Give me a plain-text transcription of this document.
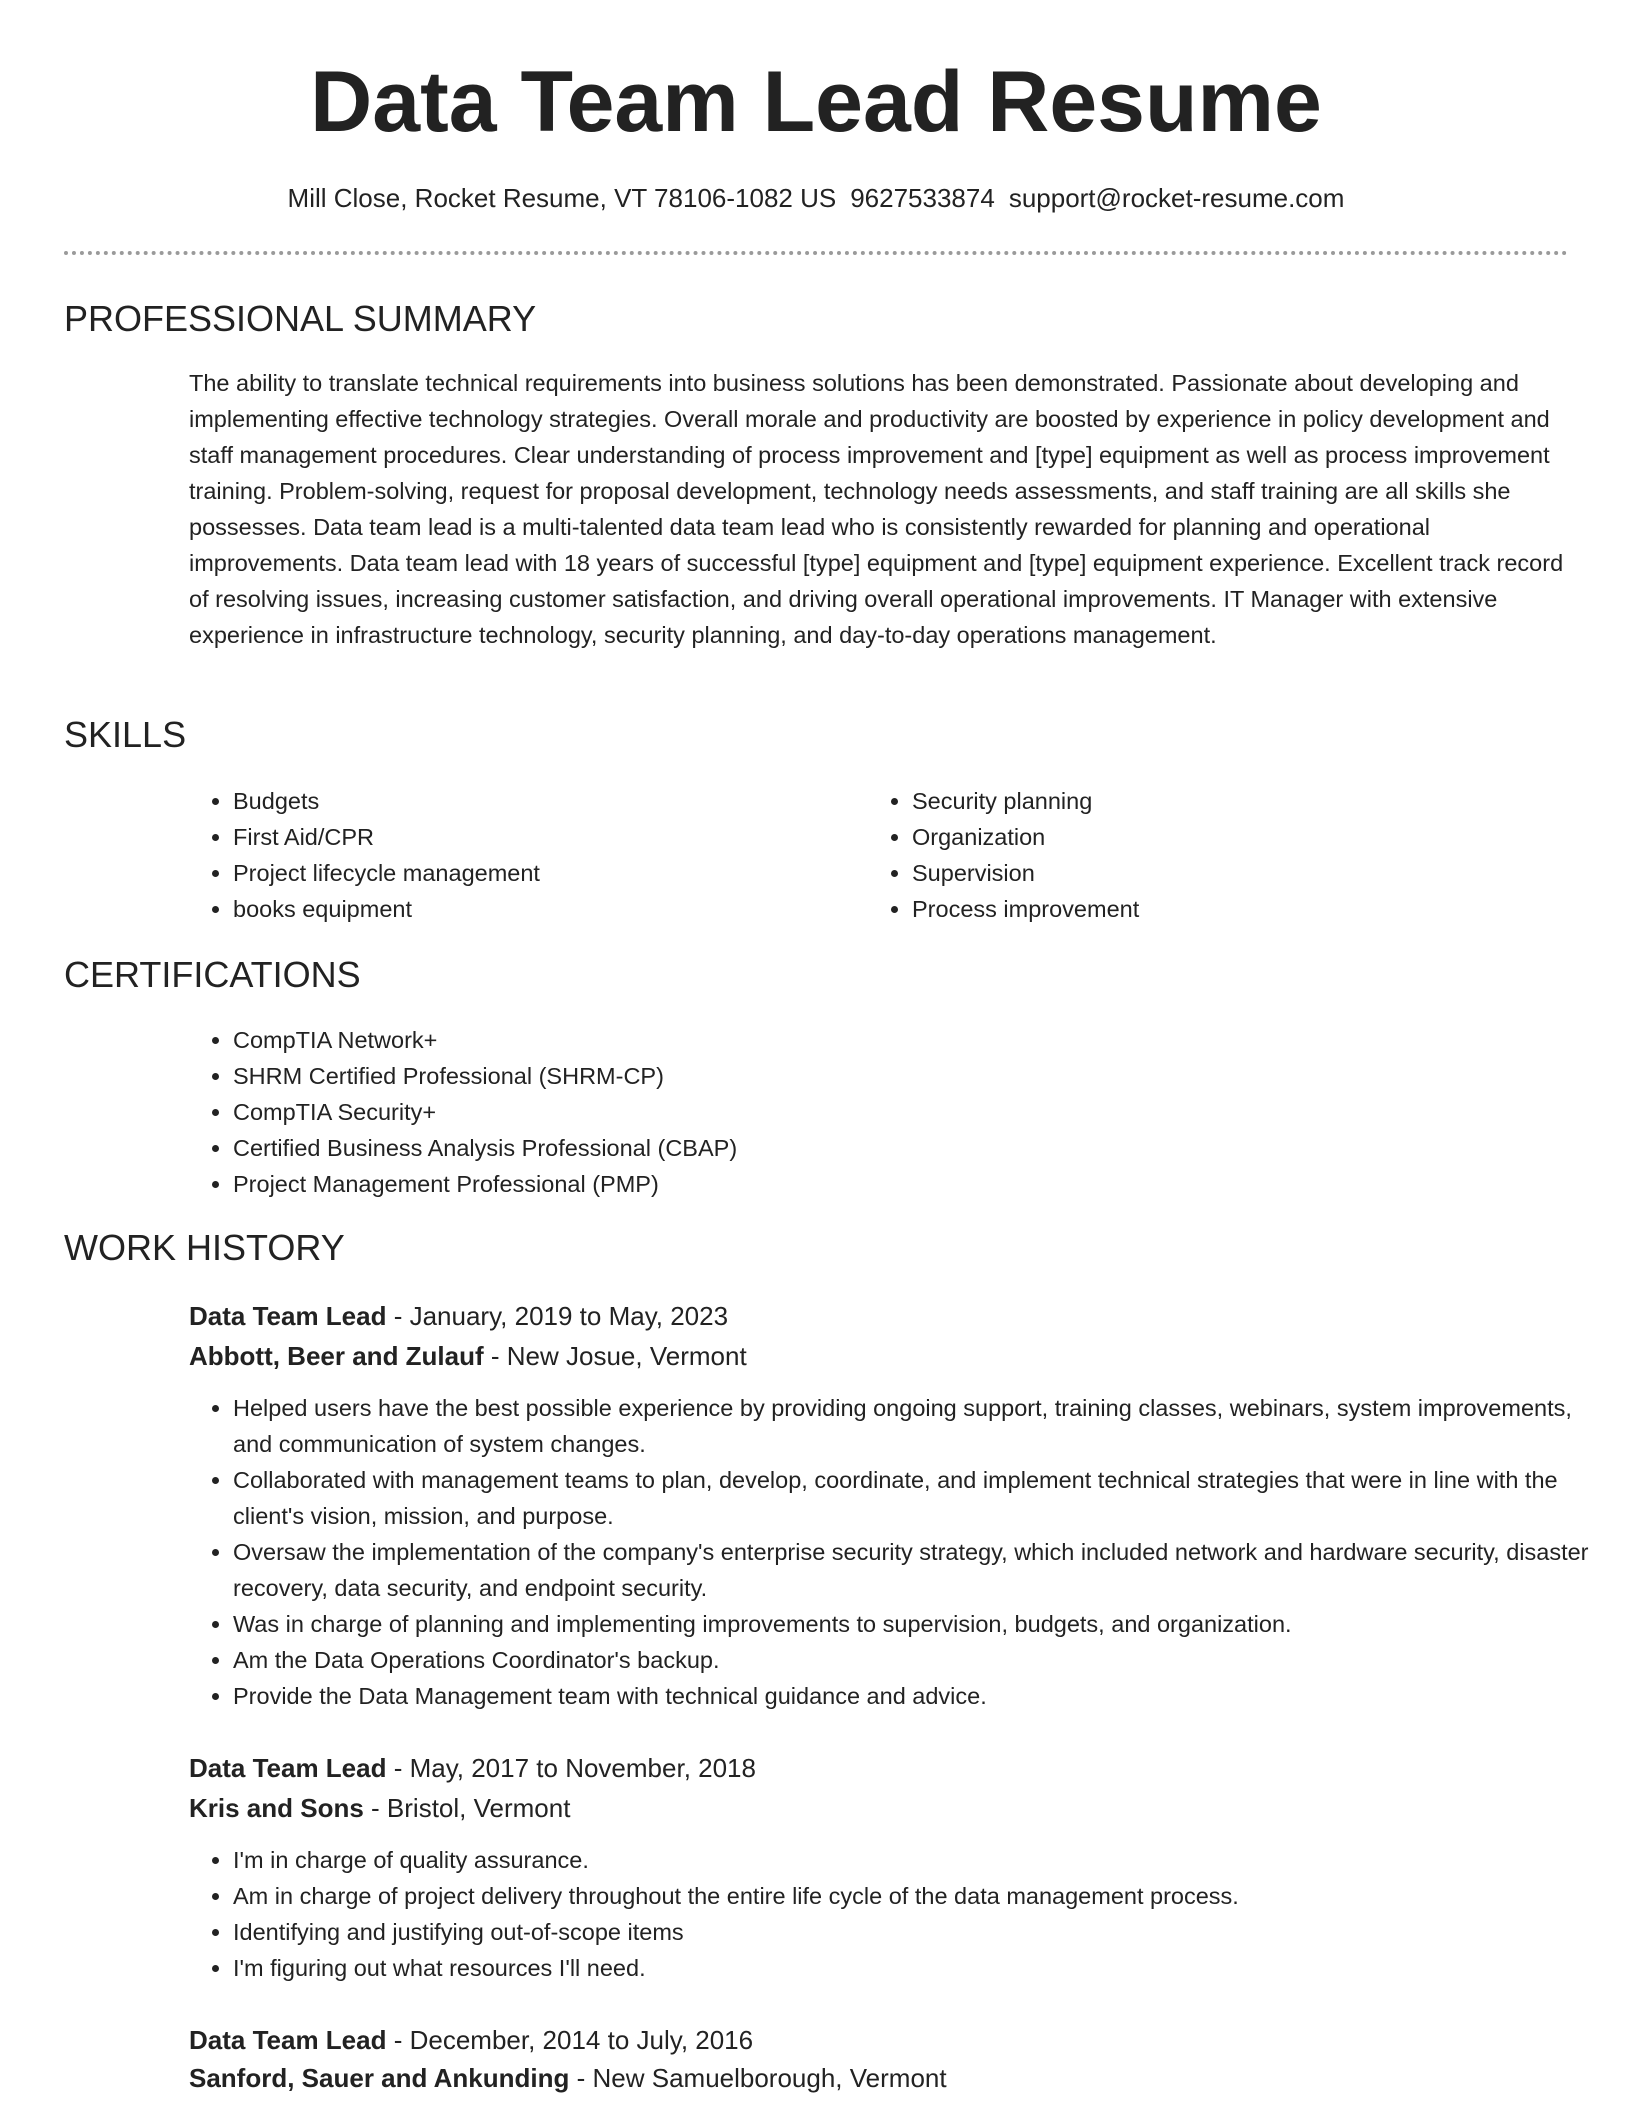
Data Team Lead Resume
Mill Close, Rocket Resume, VT 78106-1082 US 9627533874 support@rocket-resume.com
PROFESSIONAL SUMMARY
The ability to translate technical requirements into business solutions has been demonstrated. Passionate about developing and implementing effective technology strategies. Overall morale and productivity are boosted by experience in policy development and staff management procedures. Clear understanding of process improvement and [type] equipment as well as process improvement training. Problem-solving, request for proposal development, technology needs assessments, and staff training are all skills she possesses. Data team lead is a multi-talented data team lead who is consistently rewarded for planning and operational improvements. Data team lead with 18 years of successful [type] equipment and [type] equipment experience. Excellent track record of resolving issues, increasing customer satisfaction, and driving overall operational improvements. IT Manager with extensive experience in infrastructure technology, security planning, and day-to-day operations management.
SKILLS
• Budgets
• First Aid/CPR
• Project lifecycle management
• books equipment
• Security planning
• Organization
• Supervision
• Process improvement
CERTIFICATIONS
• CompTIA Network+
• SHRM Certified Professional (SHRM-CP)
• CompTIA Security+
• Certified Business Analysis Professional (CBAP)
• Project Management Professional (PMP)
WORK HISTORY
Data Team Lead - January, 2019 to May, 2023
Abbott, Beer and Zulauf - New Josue, Vermont
• Helped users have the best possible experience by providing ongoing support, training classes, webinars, system improvements, and communication of system changes.
• Collaborated with management teams to plan, develop, coordinate, and implement technical strategies that were in line with the client's vision, mission, and purpose.
• Oversaw the implementation of the company's enterprise security strategy, which included network and hardware security, disaster recovery, data security, and endpoint security.
• Was in charge of planning and implementing improvements to supervision, budgets, and organization.
• Am the Data Operations Coordinator's backup.
• Provide the Data Management team with technical guidance and advice.
Data Team Lead - May, 2017 to November, 2018
Kris and Sons - Bristol, Vermont
• I'm in charge of quality assurance.
• Am in charge of project delivery throughout the entire life cycle of the data management process.
• Identifying and justifying out-of-scope items
• I'm figuring out what resources I'll need.
Data Team Lead - December, 2014 to July, 2016
Sanford, Sauer and Ankunding - New Samuelborough, Vermont
